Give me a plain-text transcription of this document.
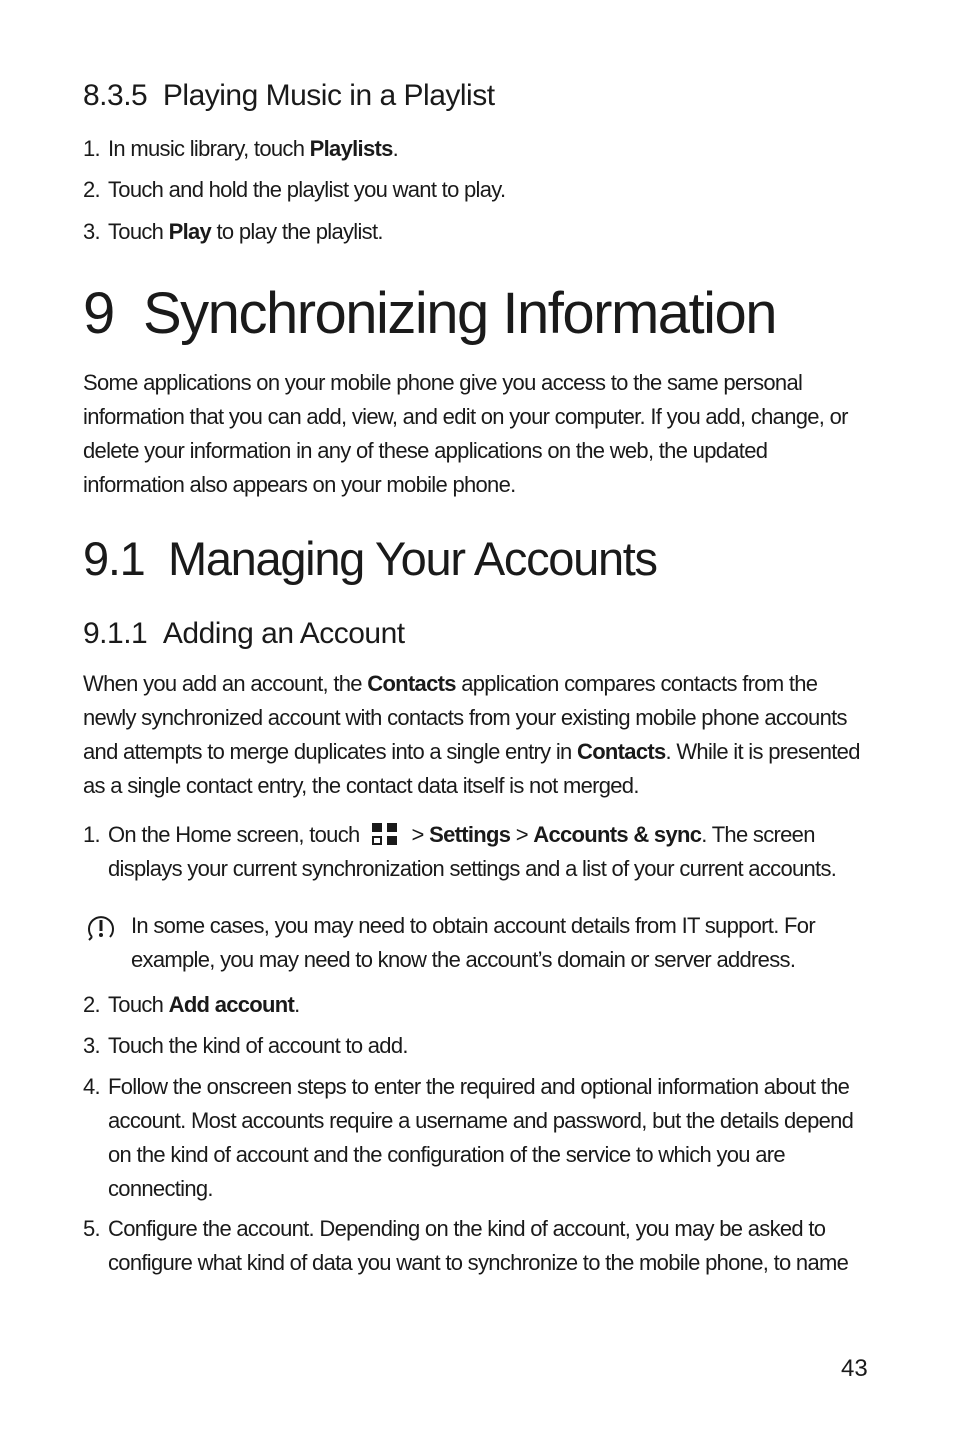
8.3.5 Playing Music in a Playlist
1. In music library, touch Playlists.
2. Touch and hold the playlist you want to play.
3. Touch Play to play the playlist.
9 Synchronizing Information
Some applications on your mobile phone give you access to the same personal information that you can add, view, and edit on your computer. If you add, change, or delete your information in any of these applications on the web, the updated information also appears on your mobile phone.
9.1 Managing Your Accounts
9.1.1 Adding an Account
When you add an account, the Contacts application compares contacts from the newly synchronized account with contacts from your existing mobile phone accounts and attempts to merge duplicates into a single entry in Contacts. While it is presented as a single contact entry, the contact data itself is not merged.
1. On the Home screen, touch > Settings > Accounts & sync. The screen displays your current synchronization settings and a list of your current accounts.
In some cases, you may need to obtain account details from IT support. For example, you may need to know the account’s domain or server address.
2. Touch Add account.
3. Touch the kind of account to add.
4. Follow the onscreen steps to enter the required and optional information about the account. Most accounts require a username and password, but the details depend on the kind of account and the configuration of the service to which you are connecting.
5. Configure the account. Depending on the kind of account, you may be asked to configure what kind of data you want to synchronize to the mobile phone, to name
43
